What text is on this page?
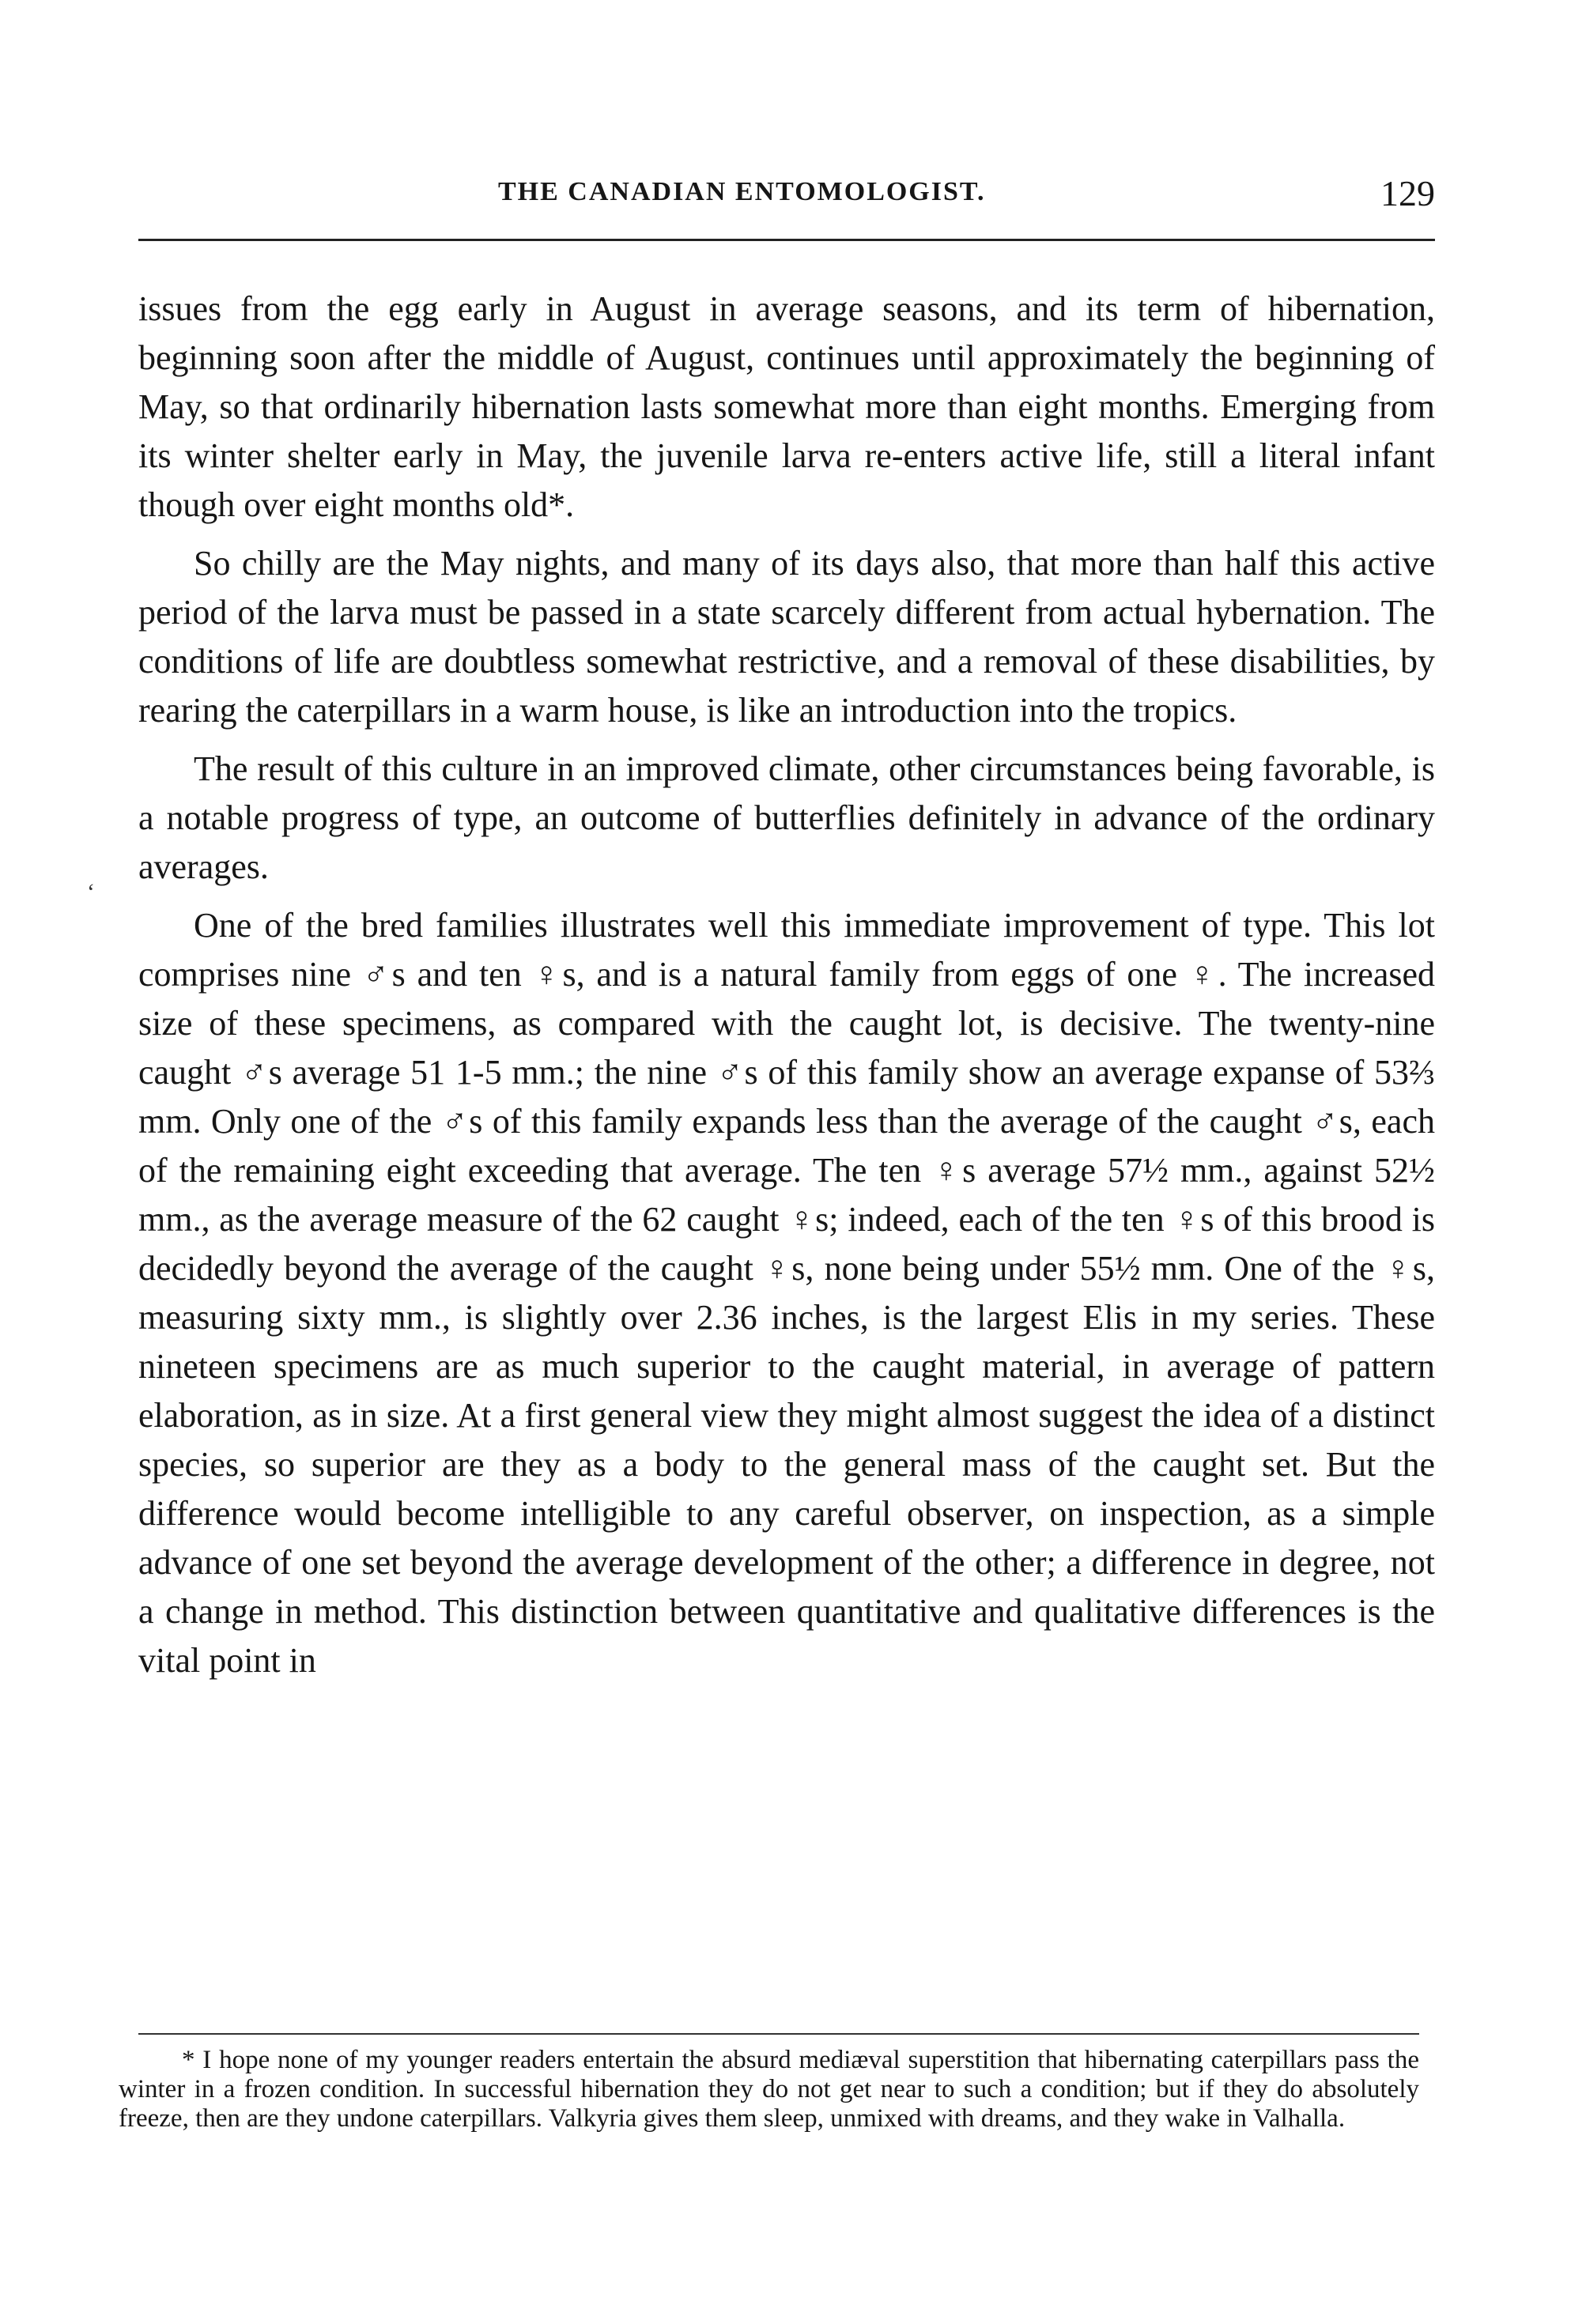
THE CANADIAN ENTOMOLOGIST.	129
ʻ

issues from the egg early in August in average seasons, and its term of hibernation, beginning soon after the middle of August, continues until approximately the beginning of May, so that ordinarily hibernation lasts somewhat more than eight months. Emerging from its winter shelter early in May, the juvenile larva re-enters active life, still a literal infant though over eight months old*.

So chilly are the May nights, and many of its days also, that more than half this active period of the larva must be passed in a state scarcely different from actual hybernation. The conditions of life are doubtless somewhat restrictive, and a removal of these disabilities, by rearing the caterpillars in a warm house, is like an introduction into the tropics.

The result of this culture in an improved climate, other circumstances being favorable, is a notable progress of type, an outcome of butterflies definitely in advance of the ordinary averages.

One of the bred families illustrates well this immediate improvement of type. This lot comprises nine ♂s and ten ♀s, and is a natural family from eggs of one ♀. The increased size of these specimens, as compared with the caught lot, is decisive. The twenty-nine caught ♂s average 51 1-5 mm.; the nine ♂s of this family show an average expanse of 53⅔ mm. Only one of the ♂s of this family expands less than the average of the caught ♂s, each of the remaining eight exceeding that average. The ten ♀s average 57½ mm., against 52½ mm., as the average measure of the 62 caught ♀s; indeed, each of the ten ♀s of this brood is decidedly beyond the average of the caught ♀s, none being under 55½ mm. One of the ♀s, measuring sixty mm., is slightly over 2.36 inches, is the largest Elis in my series. These nineteen specimens are as much superior to the caught material, in average of pattern elaboration, as in size. At a first general view they might almost suggest the idea of a distinct species, so superior are they as a body to the general mass of the caught set. But the difference would become intelligible to any careful observer, on inspection, as a simple advance of one set beyond the average development of the other; a difference in degree, not a change in method. This distinction between quantitative and qualitative differences is the vital point in

* I hope none of my younger readers entertain the absurd mediæval superstition that hibernating caterpillars pass the winter in a frozen condition. In successful hibernation they do not get near to such a condition; but if they do absolutely freeze, then are they undone caterpillars. Valkyria gives them sleep, unmixed with dreams, and they wake in Valhalla.
